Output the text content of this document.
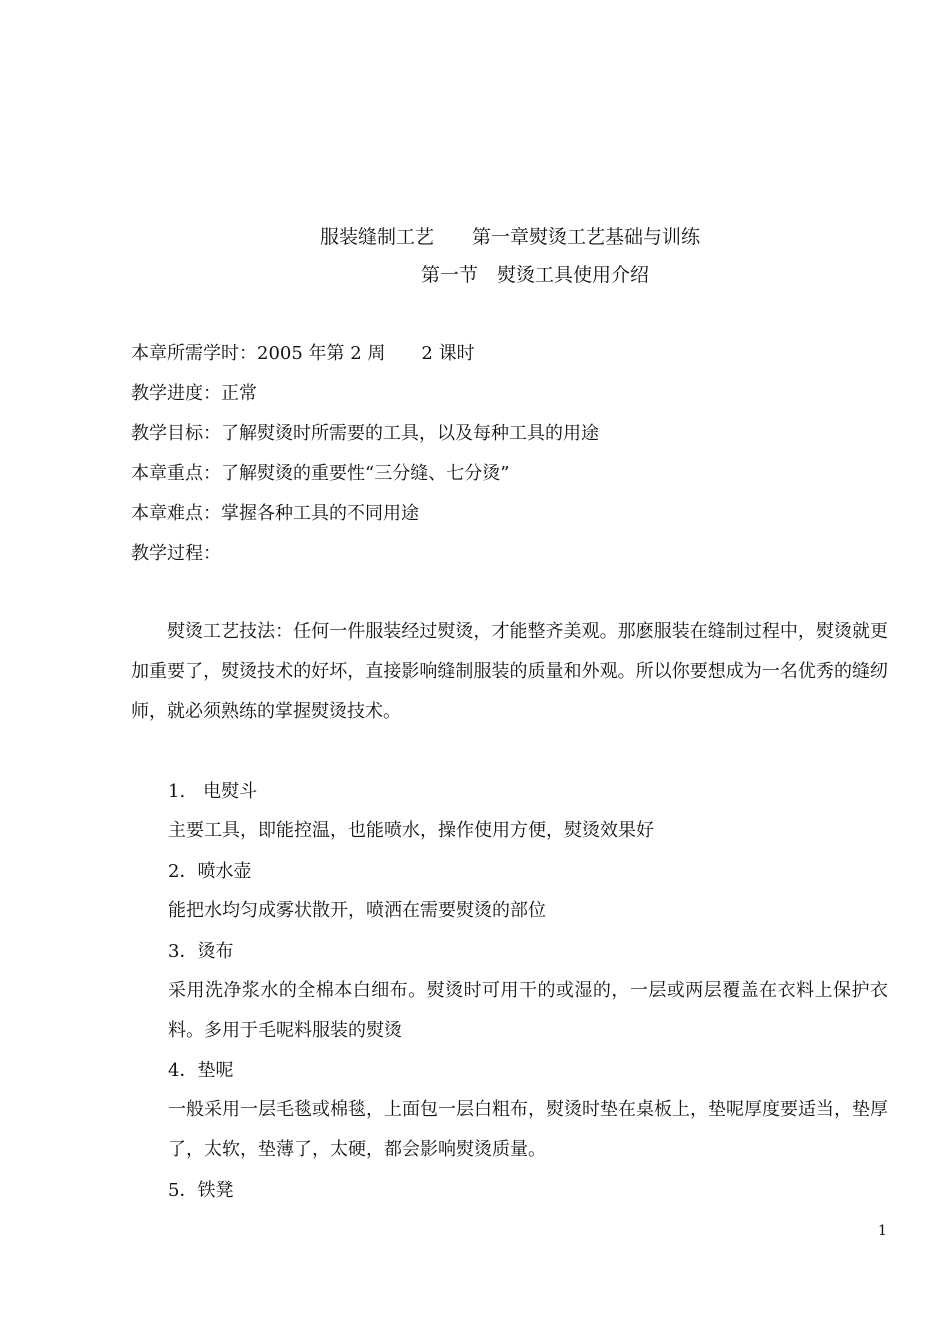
服装缝制工艺　　第一章熨烫工艺基础与训练
第一节　熨烫工具使用介绍
本章所需学时：2005 年第 2 周　　2 课时
教学进度：正常
教学目标：了解熨烫时所需要的工具，以及每种工具的用途
本章重点：了解熨烫的重要性“三分缝、七分烫”
本章难点：掌握各种工具的不同用途
教学过程：
熨烫工艺技法：任何一件服装经过熨烫，才能整齐美观。那麽服装在缝制过程中，熨烫就更加重要了，熨烫技术的好坏，直接影响缝制服装的质量和外观。所以你要想成为一名优秀的缝纫师，就必须熟练的掌握熨烫技术。
1.　电熨斗
主要工具，即能控温，也能喷水，操作使用方便，熨烫效果好
2．喷水壶
能把水均匀成雾状散开，喷洒在需要熨烫的部位
3．烫布
采用洗净浆水的全棉本白细布。熨烫时可用干的或湿的，一层或两层覆盖在衣料上保护衣料。多用于毛呢料服装的熨烫
4．垫呢
一般采用一层毛毯或棉毯，上面包一层白粗布，熨烫时垫在桌板上，垫呢厚度要适当，垫厚了，太软，垫薄了，太硬，都会影响熨烫质量。
5．铁凳
1
